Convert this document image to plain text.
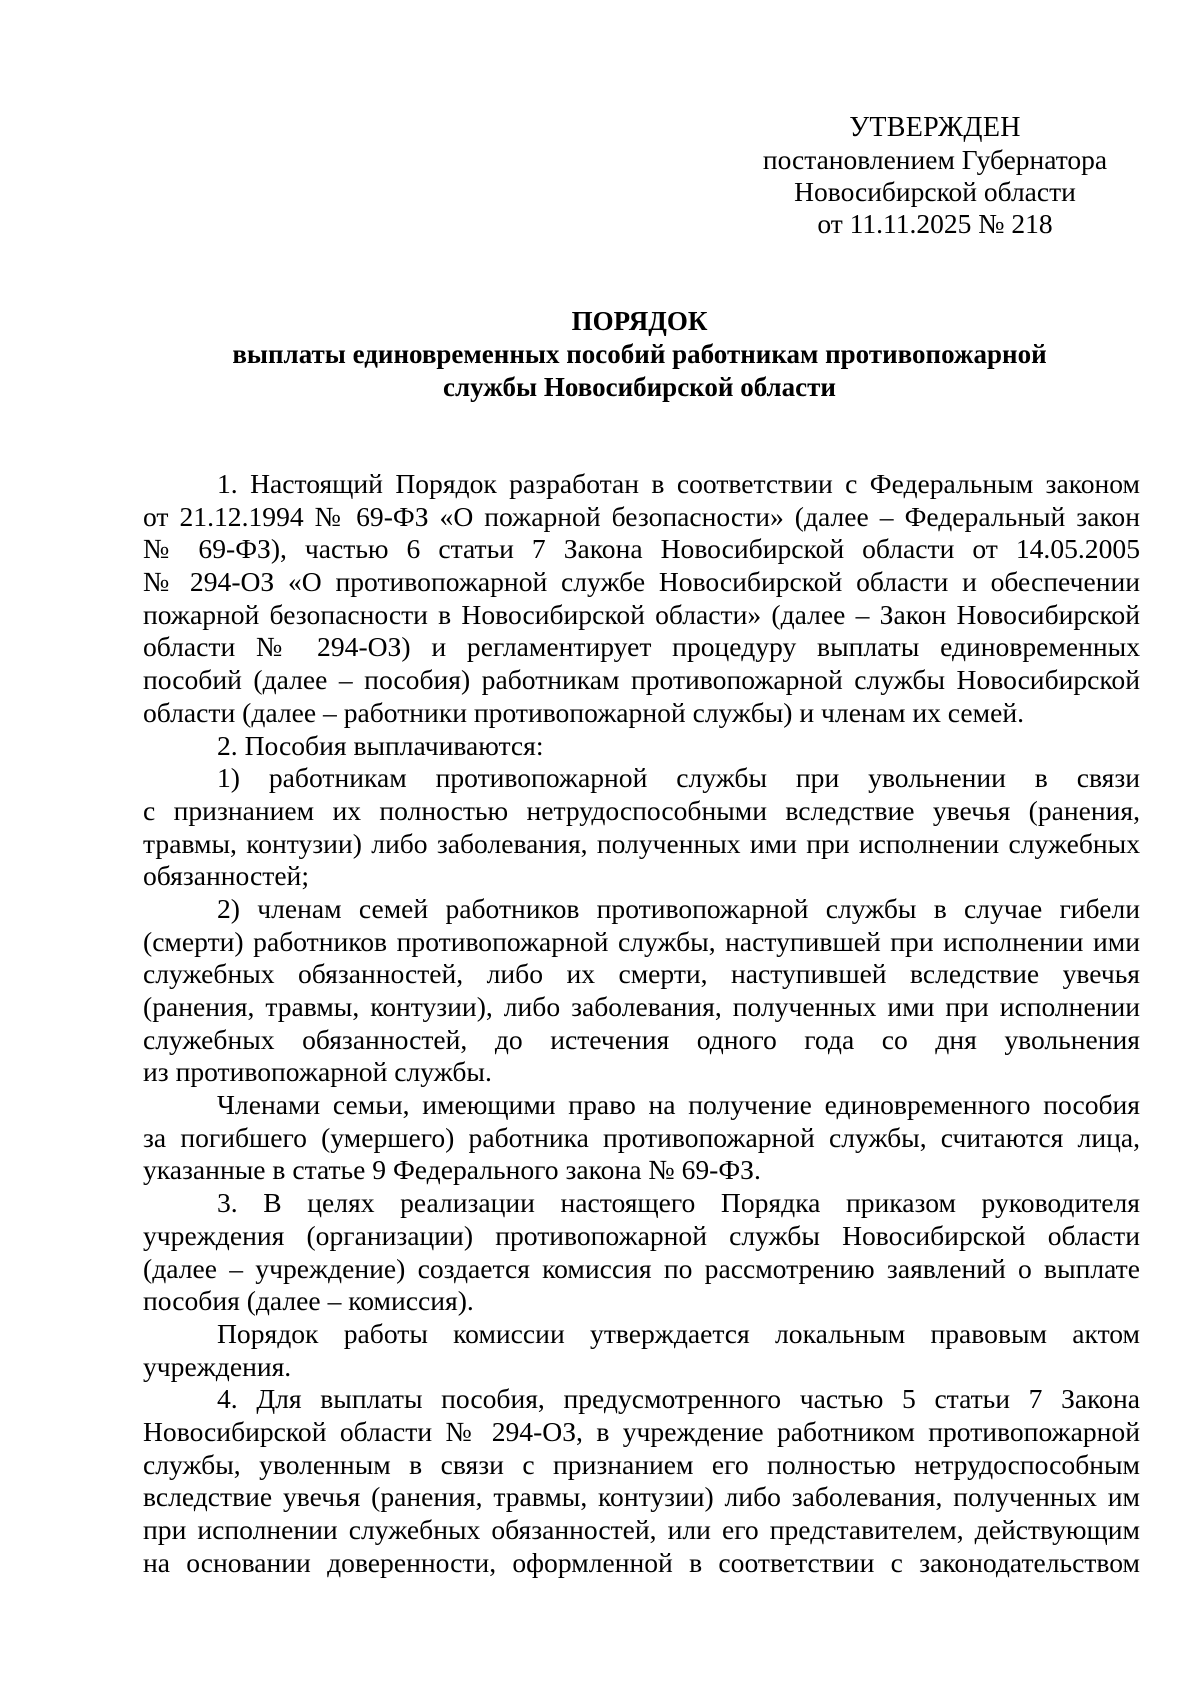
УТВЕРЖДЕН
постановлением Губернатора
Новосибирской области
от 11.11.2025 № 218
ПОРЯДОК
выплаты единовременных пособий работникам противопожарной
службы Новосибирской области
1. Настоящий Порядок разработан в соответствии с Федеральным законом
от 21.12.1994 № 69-ФЗ «О пожарной безопасности» (далее – Федеральный закон
№ 69-ФЗ), частью 6 статьи 7 Закона Новосибирской области от 14.05.2005
№ 294-ОЗ «О противопожарной службе Новосибирской области и обеспечении
пожарной безопасности в Новосибирской области» (далее – Закон Новосибирской
области № 294-ОЗ) и регламентирует процедуру выплаты единовременных
пособий (далее – пособия) работникам противопожарной службы Новосибирской
области (далее – работники противопожарной службы) и членам их семей.
2. Пособия выплачиваются:
1) работникам противопожарной службы при увольнении в связи
с признанием их полностью нетрудоспособными вследствие увечья (ранения,
травмы, контузии) либо заболевания, полученных ими при исполнении служебных
обязанностей;
2) членам семей работников противопожарной службы в случае гибели
(смерти) работников противопожарной службы, наступившей при исполнении ими
служебных обязанностей, либо их смерти, наступившей вследствие увечья
(ранения, травмы, контузии), либо заболевания, полученных ими при исполнении
служебных обязанностей, до истечения одного года со дня увольнения
из противопожарной службы.
Членами семьи, имеющими право на получение единовременного пособия
за погибшего (умершего) работника противопожарной службы, считаются лица,
указанные в статье 9 Федерального закона № 69-ФЗ.
3. В целях реализации настоящего Порядка приказом руководителя
учреждения (организации) противопожарной службы Новосибирской области
(далее – учреждение) создается комиссия по рассмотрению заявлений о выплате
пособия (далее – комиссия).
Порядок работы комиссии утверждается локальным правовым актом
учреждения.
4. Для выплаты пособия, предусмотренного частью 5 статьи 7 Закона
Новосибирской области № 294-ОЗ, в учреждение работником противопожарной
службы, уволенным в связи с признанием его полностью нетрудоспособным
вследствие увечья (ранения, травмы, контузии) либо заболевания, полученных им
при исполнении служебных обязанностей, или его представителем, действующим
на основании доверенности, оформленной в соответствии с законодательством
